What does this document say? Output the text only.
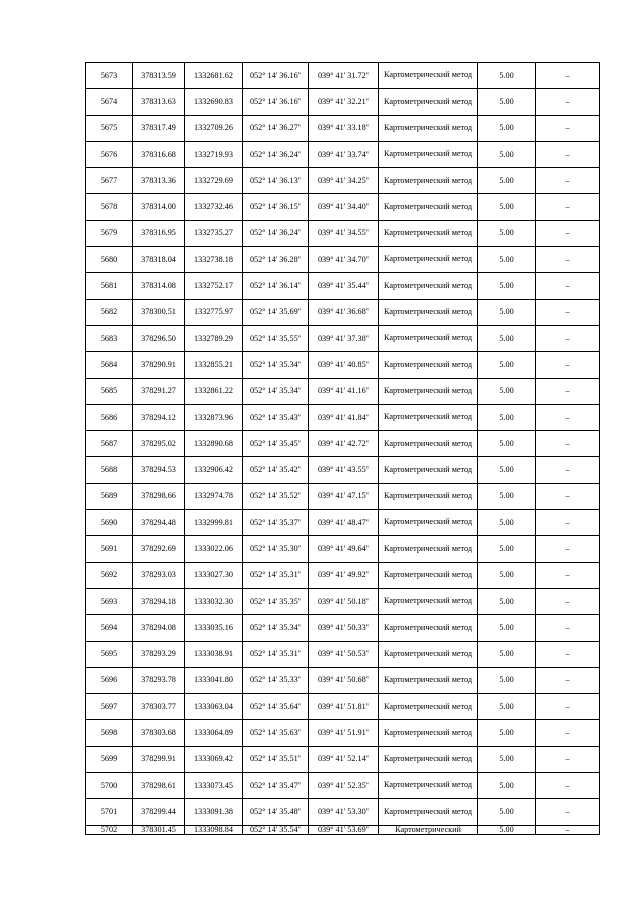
5673	378313.59	1332681.62	052° 14' 36.16"	039° 41' 31.72"	Картометрический метод	5.00	–
5674	378313.63	1332690.83	052° 14' 36.16"	039° 41' 32.21"	Картометрический метод	5.00	–
5675	378317.49	1332709.26	052° 14' 36.27"	039° 41' 33.18"	Картометрический метод	5.00	–
5676	378316.68	1332719.93	052° 14' 36.24"	039° 41' 33.74"	Картометрический метод	5.00	–
5677	378313.36	1332729.69	052° 14' 36.13"	039° 41' 34.25"	Картометрический метод	5.00	–
5678	378314.00	1332732.46	052° 14' 36.15"	039° 41' 34.40"	Картометрический метод	5.00	–
5679	378316.95	1332735.27	052° 14' 36.24"	039° 41' 34.55"	Картометрический метод	5.00	–
5680	378318.04	1332738.18	052° 14' 36.28"	039° 41' 34.70"	Картометрический метод	5.00	–
5681	378314.08	1332752.17	052° 14' 36.14"	039° 41' 35.44"	Картометрический метод	5.00	–
5682	378300.51	1332775.97	052° 14' 35.69"	039° 41' 36.68"	Картометрический метод	5.00	–
5683	378296.50	1332789.29	052° 14' 35.55"	039° 41' 37.38"	Картометрический метод	5.00	–
5684	378290.91	1332855.21	052° 14' 35.34"	039° 41' 40.85"	Картометрический метод	5.00	–
5685	378291.27	1332861.22	052° 14' 35.34"	039° 41' 41.16"	Картометрический метод	5.00	–
5686	378294.12	1332873.96	052° 14' 35.43"	039° 41' 41.84"	Картометрический метод	5.00	–
5687	378295.02	1332890.68	052° 14' 35.45"	039° 41' 42.72"	Картометрический метод	5.00	–
5688	378294.53	1332906.42	052° 14' 35.42"	039° 41' 43.55"	Картометрический метод	5.00	–
5689	378298.66	1332974.78	052° 14' 35.52"	039° 41' 47.15"	Картометрический метод	5.00	–
5690	378294.48	1332999.81	052° 14' 35.37"	039° 41' 48.47"	Картометрический метод	5.00	–
5691	378292.69	1333022.06	052° 14' 35.30"	039° 41' 49.64"	Картометрический метод	5.00	–
5692	378293.03	1333027.30	052° 14' 35.31"	039° 41' 49.92"	Картометрический метод	5.00	–
5693	378294.18	1333032.30	052° 14' 35.35"	039° 41' 50.18"	Картометрический метод	5.00	–
5694	378294.08	1333035.16	052° 14' 35.34"	039° 41' 50.33"	Картометрический метод	5.00	–
5695	378293.29	1333038.91	052° 14' 35.31"	039° 41' 50.53"	Картометрический метод	5.00	–
5696	378293.78	1333041.80	052° 14' 35.33"	039° 41' 50.68"	Картометрический метод	5.00	–
5697	378303.77	1333063.04	052° 14' 35.64"	039° 41' 51.81"	Картометрический метод	5.00	–
5698	378303.68	1333064.89	052° 14' 35.63"	039° 41' 51.91"	Картометрический метод	5.00	–
5699	378299.91	1333069.42	052° 14' 35.51"	039° 41' 52.14"	Картометрический метод	5.00	–
5700	378298.61	1333073.45	052° 14' 35.47"	039° 41' 52.35"	Картометрический метод	5.00	–
5701	378299.44	1333091.38	052° 14' 35.48"	039° 41' 53.30"	Картометрический метод	5.00	–
5702	378301.45	1333098.84	052° 14' 35.54"	039° 41' 53.69"	Картометрический	5.00	–
